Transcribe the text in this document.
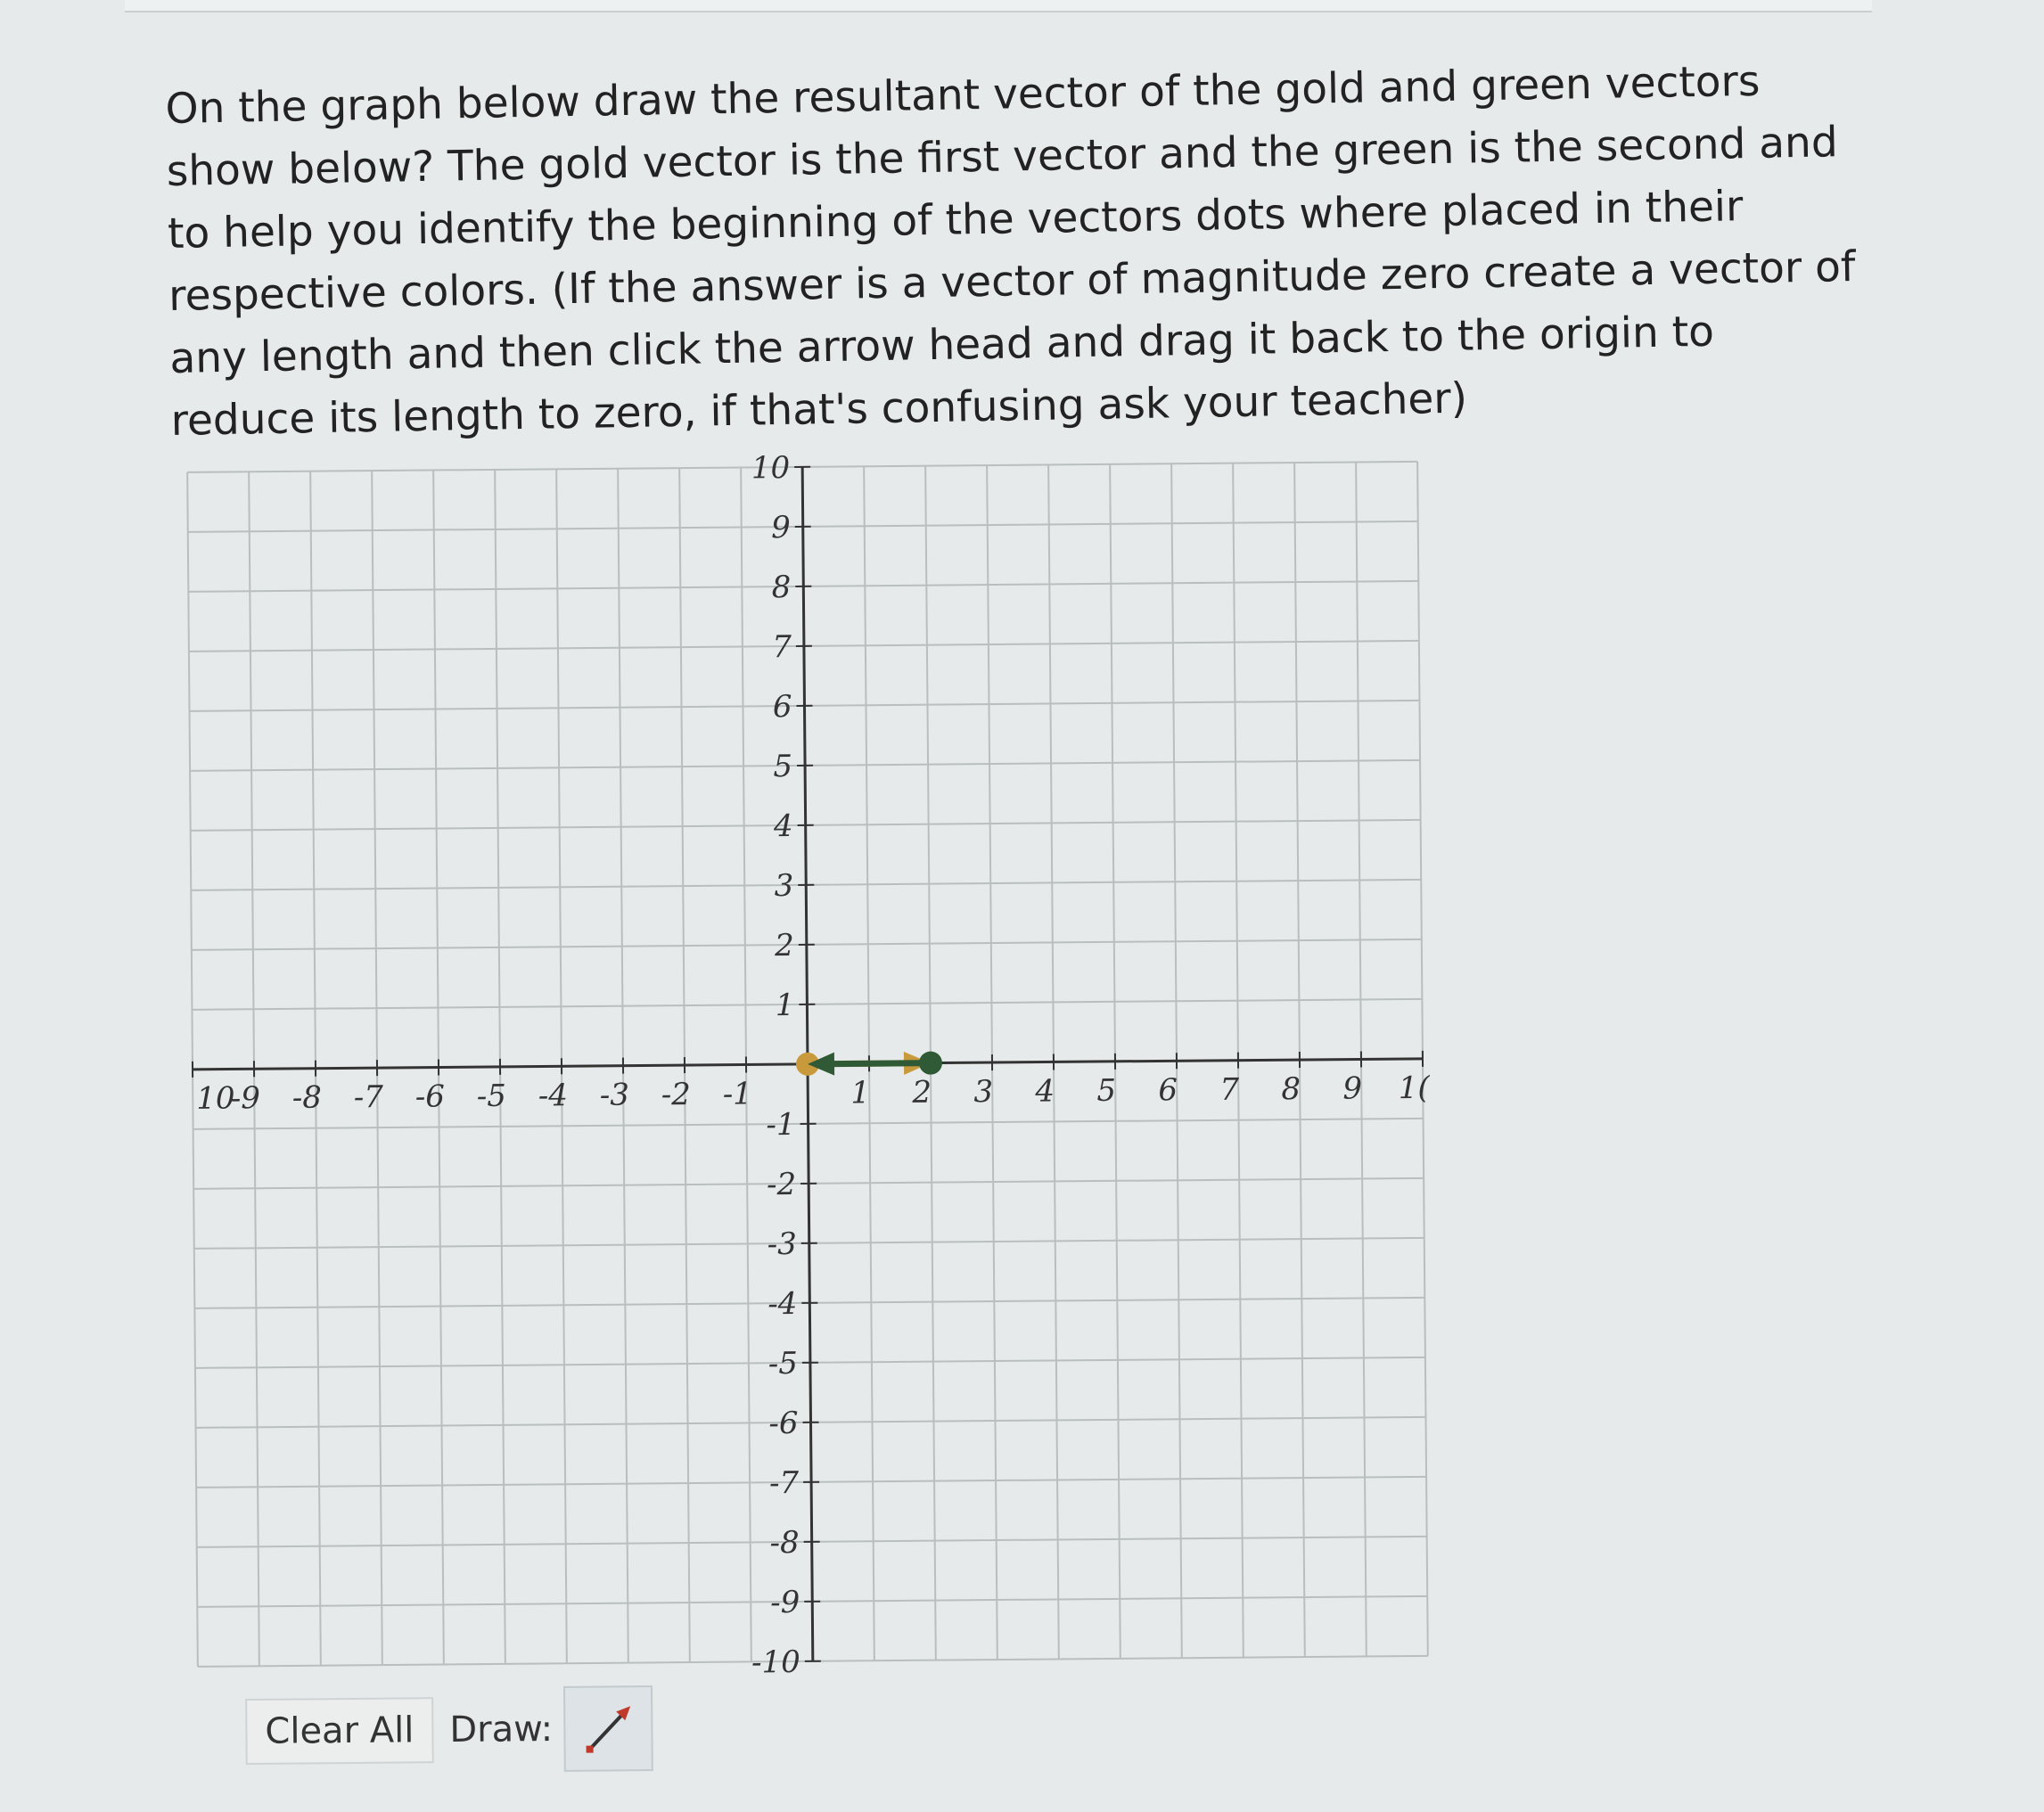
On the graph below draw the resultant vector of the gold and green vectors show below? The gold vector is the first vector and the green is the second and to help you identify the beginning of the vectors dots where placed in their respective colors. (If the answer is a vector of magnitude zero create a vector of any length and then click the arrow head and drag it back to the origin to reduce its length to zero, if that's confusing ask your teacher)

10
-9 -8 -7 -6 -5 -4 -3 -2 -1	1 2 3 4 5 6 7 8 9 1(
10
9
8
7
6
5
4
3
2
1
-1
-2
-3
-4
-5
-6
-7
-8
-9
-10
Clear All Draw:
